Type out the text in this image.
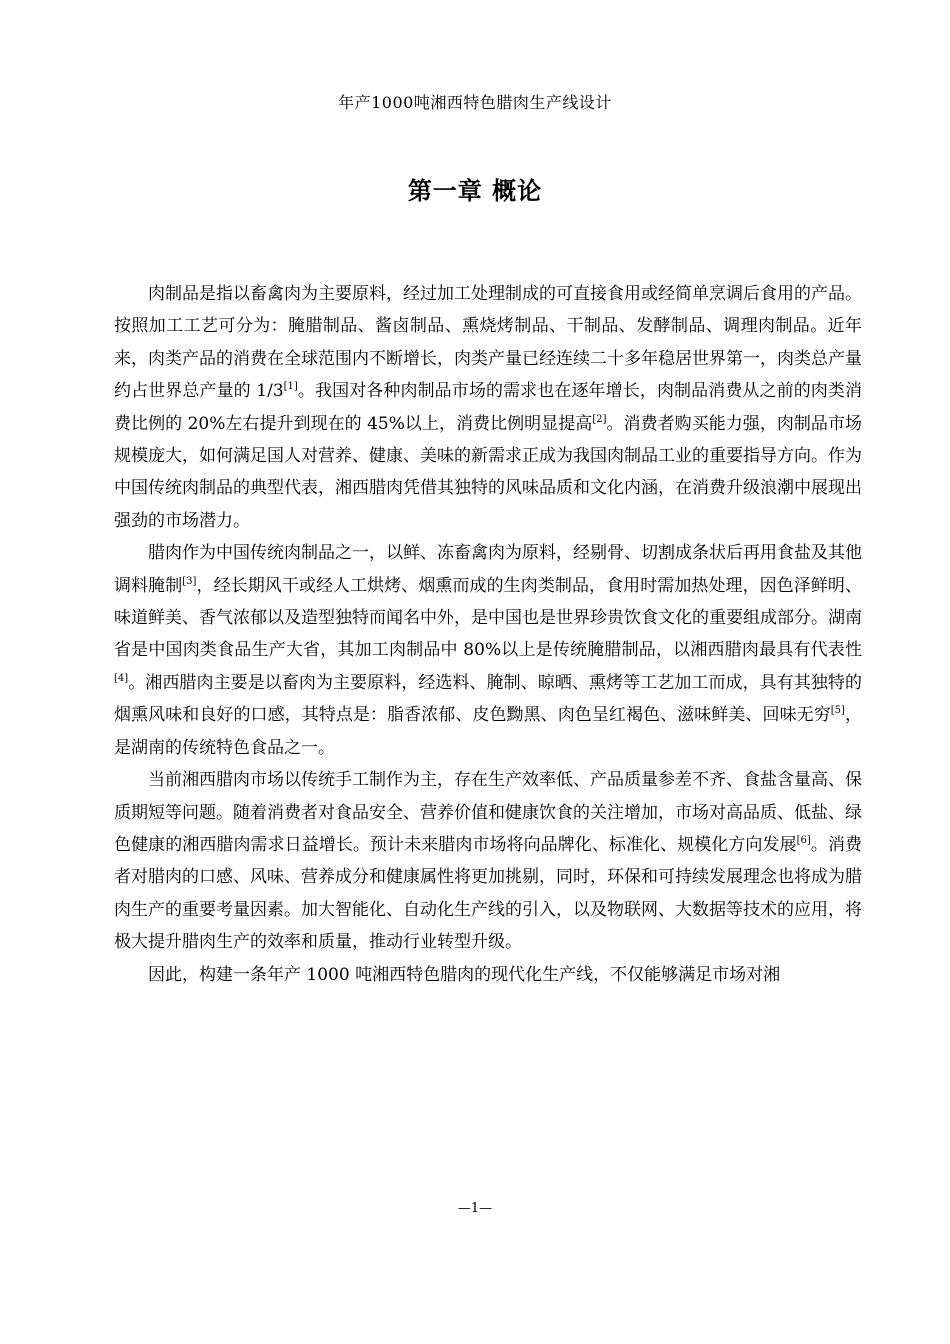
年产1000吨湘西特色腊肉生产线设计
第一章 概论

肉制品是指以畜禽肉为主要原料，经过加工处理制成的可直接食用或经简单烹调后食用的产品。按照加工工艺可分为：腌腊制品、酱卤制品、熏烧烤制品、干制品、发酵制品、调理肉制品。近年来，肉类产品的消费在全球范围内不断增长，肉类产量已经连续二十多年稳居世界第一，肉类总产量约占世界总产量的 1/3[1]。我国对各种肉制品市场的需求也在逐年增长，肉制品消费从之前的肉类消费比例的 20%左右提升到现在的 45%以上，消费比例明显提高[2]。消费者购买能力强，肉制品市场规模庞大，如何满足国人对营养、健康、美味的新需求正成为我国肉制品工业的重要指导方向。作为中国传统肉制品的典型代表，湘西腊肉凭借其独特的风味品质和文化内涵，在消费升级浪潮中展现出强劲的市场潜力。

腊肉作为中国传统肉制品之一，以鲜、冻畜禽肉为原料，经剔骨、切割成条状后再用食盐及其他调料腌制[3]，经长期风干或经人工烘烤、烟熏而成的生肉类制品，食用时需加热处理，因色泽鲜明、味道鲜美、香气浓郁以及造型独特而闻名中外，是中国也是世界珍贵饮食文化的重要组成部分。湖南省是中国肉类食品生产大省，其加工肉制品中 80%以上是传统腌腊制品，以湘西腊肉最具有代表性[4]。湘西腊肉主要是以畜肉为主要原料，经选料、腌制、晾晒、熏烤等工艺加工而成，具有其独特的烟熏风味和良好的口感，其特点是：脂香浓郁、皮色黝黑、肉色呈红褐色、滋味鲜美、回味无穷[5]，是湖南的传统特色食品之一。

当前湘西腊肉市场以传统手工制作为主，存在生产效率低、产品质量参差不齐、食盐含量高、保质期短等问题。随着消费者对食品安全、营养价值和健康饮食的关注增加，市场对高品质、低盐、绿色健康的湘西腊肉需求日益增长。预计未来腊肉市场将向品牌化、标准化、规模化方向发展[6]。消费者对腊肉的口感、风味、营养成分和健康属性将更加挑剔，同时，环保和可持续发展理念也将成为腊肉生产的重要考量因素。加大智能化、自动化生产线的引入，以及物联网、大数据等技术的应用，将极大提升腊肉生产的效率和质量，推动行业转型升级。

因此，构建一条年产 1000 吨湘西特色腊肉的现代化生产线，不仅能够满足市场对湘

—1—
